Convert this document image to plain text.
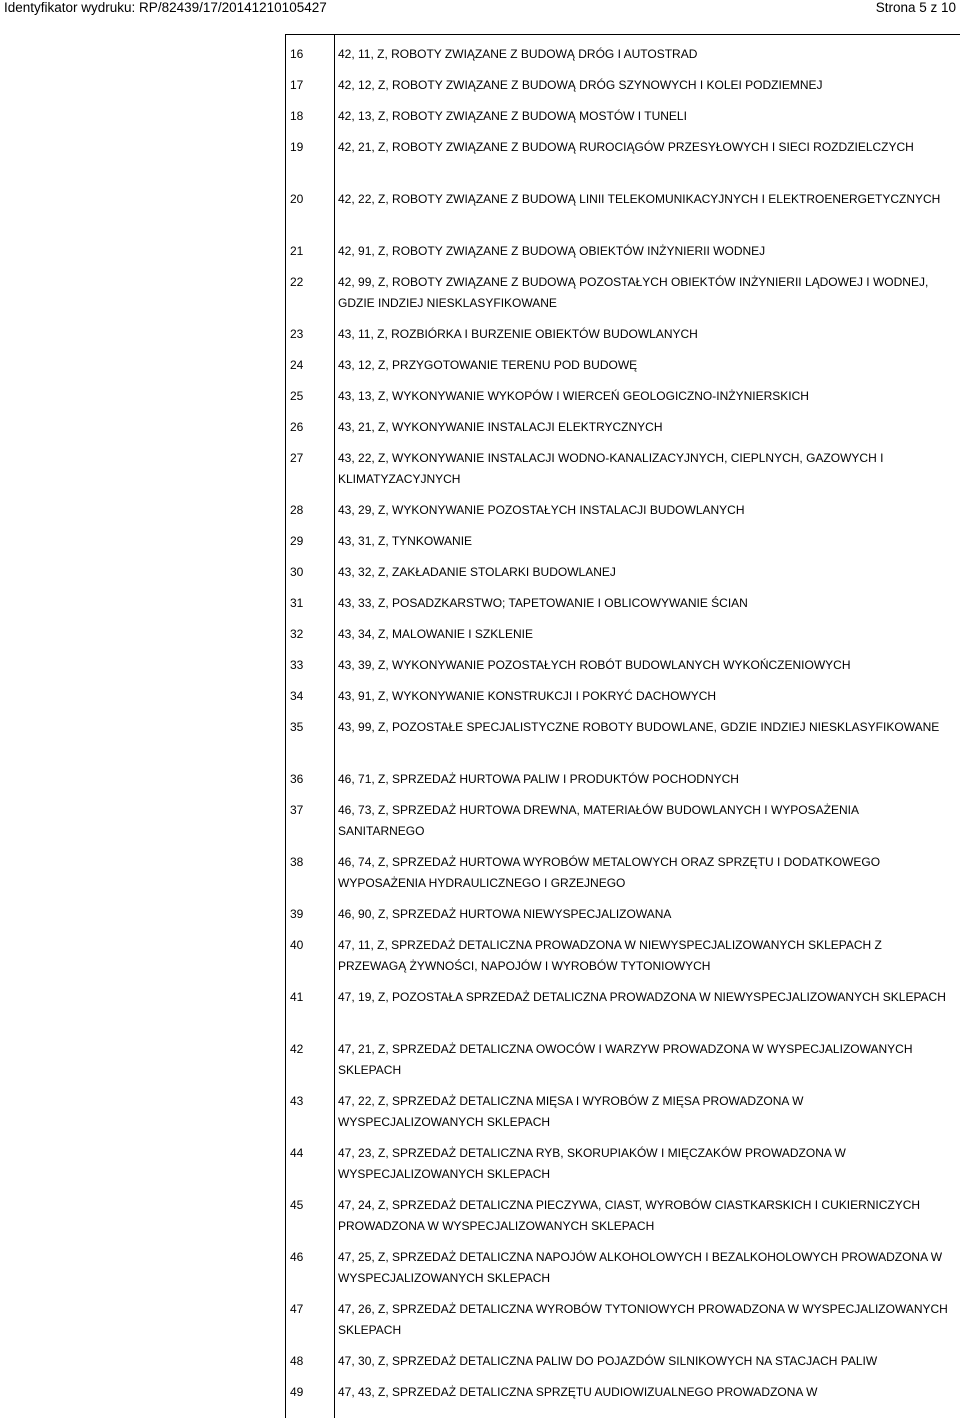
Identyfikator wydruku: RP/82439/17/20141210105427	Strona 5 z 10
16	42, 11, Z, ROBOTY ZWIĄZANE Z BUDOWĄ DRÓG I AUTOSTRAD
17	42, 12, Z, ROBOTY ZWIĄZANE Z BUDOWĄ DRÓG SZYNOWYCH I KOLEI PODZIEMNEJ
18	42, 13, Z, ROBOTY ZWIĄZANE Z BUDOWĄ MOSTÓW I TUNELI
19	42, 21, Z, ROBOTY ZWIĄZANE Z BUDOWĄ RUROCIĄGÓW PRZESYŁOWYCH I SIECI ROZDZIELCZYCH
20	42, 22, Z, ROBOTY ZWIĄZANE Z BUDOWĄ LINII TELEKOMUNIKACYJNYCH I ELEKTROENERGETYCZNYCH
21	42, 91, Z, ROBOTY ZWIĄZANE Z BUDOWĄ OBIEKTÓW INŻYNIERII WODNEJ
22	42, 99, Z, ROBOTY ZWIĄZANE Z BUDOWĄ POZOSTAŁYCH OBIEKTÓW INŻYNIERII LĄDOWEJ I WODNEJ, GDZIE INDZIEJ NIESKLASYFIKOWANE
23	43, 11, Z, ROZBIÓRKA I BURZENIE OBIEKTÓW BUDOWLANYCH
24	43, 12, Z, PRZYGOTOWANIE TERENU POD BUDOWĘ
25	43, 13, Z, WYKONYWANIE WYKOPÓW I WIERCEŃ GEOLOGICZNO-INŻYNIERSKICH
26	43, 21, Z, WYKONYWANIE INSTALACJI ELEKTRYCZNYCH
27	43, 22, Z, WYKONYWANIE INSTALACJI WODNO-KANALIZACYJNYCH, CIEPLNYCH, GAZOWYCH I KLIMATYZACYJNYCH
28	43, 29, Z, WYKONYWANIE POZOSTAŁYCH INSTALACJI BUDOWLANYCH
29	43, 31, Z, TYNKOWANIE
30	43, 32, Z, ZAKŁADANIE STOLARKI BUDOWLANEJ
31	43, 33, Z, POSADZKARSTWO; TAPETOWANIE I OBLICOWYWANIE ŚCIAN
32	43, 34, Z, MALOWANIE I SZKLENIE
33	43, 39, Z, WYKONYWANIE POZOSTAŁYCH ROBÓT BUDOWLANYCH WYKOŃCZENIOWYCH
34	43, 91, Z, WYKONYWANIE KONSTRUKCJI I POKRYĆ DACHOWYCH
35	43, 99, Z, POZOSTAŁE SPECJALISTYCZNE ROBOTY BUDOWLANE, GDZIE INDZIEJ NIESKLASYFIKOWANE
36	46, 71, Z, SPRZEDAŻ HURTOWA PALIW I PRODUKTÓW POCHODNYCH
37	46, 73, Z, SPRZEDAŻ HURTOWA DREWNA, MATERIAŁÓW BUDOWLANYCH I WYPOSAŻENIA SANITARNEGO
38	46, 74, Z, SPRZEDAŻ HURTOWA WYROBÓW METALOWYCH ORAZ SPRZĘTU I DODATKOWEGO WYPOSAŻENIA HYDRAULICZNEGO I GRZEJNEGO
39	46, 90, Z, SPRZEDAŻ HURTOWA NIEWYSPECJALIZOWANA
40	47, 11, Z, SPRZEDAŻ DETALICZNA PROWADZONA W NIEWYSPECJALIZOWANYCH SKLEPACH Z PRZEWAGĄ ŻYWNOŚCI, NAPOJÓW I WYROBÓW TYTONIOWYCH
41	47, 19, Z, POZOSTAŁA SPRZEDAŻ DETALICZNA PROWADZONA W NIEWYSPECJALIZOWANYCH SKLEPACH
42	47, 21, Z, SPRZEDAŻ DETALICZNA OWOCÓW I WARZYW PROWADZONA W WYSPECJALIZOWANYCH SKLEPACH
43	47, 22, Z, SPRZEDAŻ DETALICZNA MIĘSA I WYROBÓW Z MIĘSA PROWADZONA W WYSPECJALIZOWANYCH SKLEPACH
44	47, 23, Z, SPRZEDAŻ DETALICZNA RYB, SKORUPIAKÓW I MIĘCZAKÓW PROWADZONA W WYSPECJALIZOWANYCH SKLEPACH
45	47, 24, Z, SPRZEDAŻ DETALICZNA PIECZYWA, CIAST, WYROBÓW CIASTKARSKICH I CUKIERNICZYCH PROWADZONA W WYSPECJALIZOWANYCH SKLEPACH
46	47, 25, Z, SPRZEDAŻ DETALICZNA NAPOJÓW ALKOHOLOWYCH I BEZALKOHOLOWYCH PROWADZONA W WYSPECJALIZOWANYCH SKLEPACH
47	47, 26, Z, SPRZEDAŻ DETALICZNA WYROBÓW TYTONIOWYCH PROWADZONA W WYSPECJALIZOWANYCH SKLEPACH
48	47, 30, Z, SPRZEDAŻ DETALICZNA PALIW DO POJAZDÓW SILNIKOWYCH NA STACJACH PALIW
49	47, 43, Z, SPRZEDAŻ DETALICZNA SPRZĘTU AUDIOWIZUALNEGO PROWADZONA W
